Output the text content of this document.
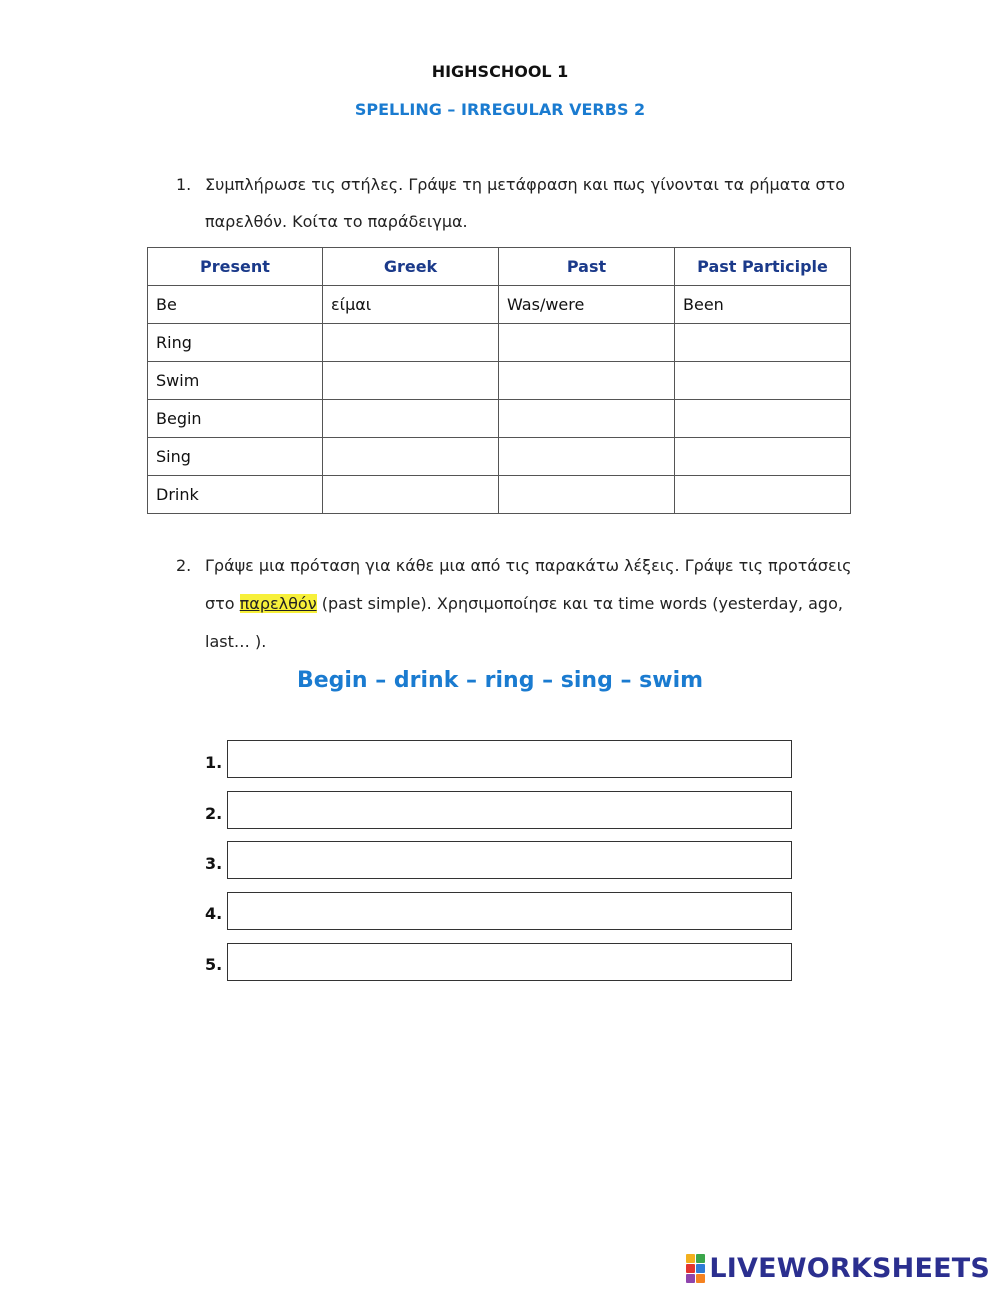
HIGHSCHOOL 1
SPELLING – IRREGULAR VERBS 2
1. Συμπλήρωσε τις στήλες. Γράψε τη μετάφραση και πως γίνονται τα ρήματα στο
παρελθόν. Κοίτα το παράδειγμα.
Present	Greek	Past	Past Participle
Be	είμαι	Was/were	Been
Ring			
Swim			
Begin			
Sing			
Drink			
2. Γράψε μια πρόταση για κάθε μια από τις παρακάτω λέξεις. Γράψε τις προτάσεις
στο παρελθόν (past simple). Χρησιμοποίησε και τα time words (yesterday, ago,
last… ).
Begin – drink – ring – sing – swim
1.
2.
3.
4.
5.
LIVEWORKSHEETS
